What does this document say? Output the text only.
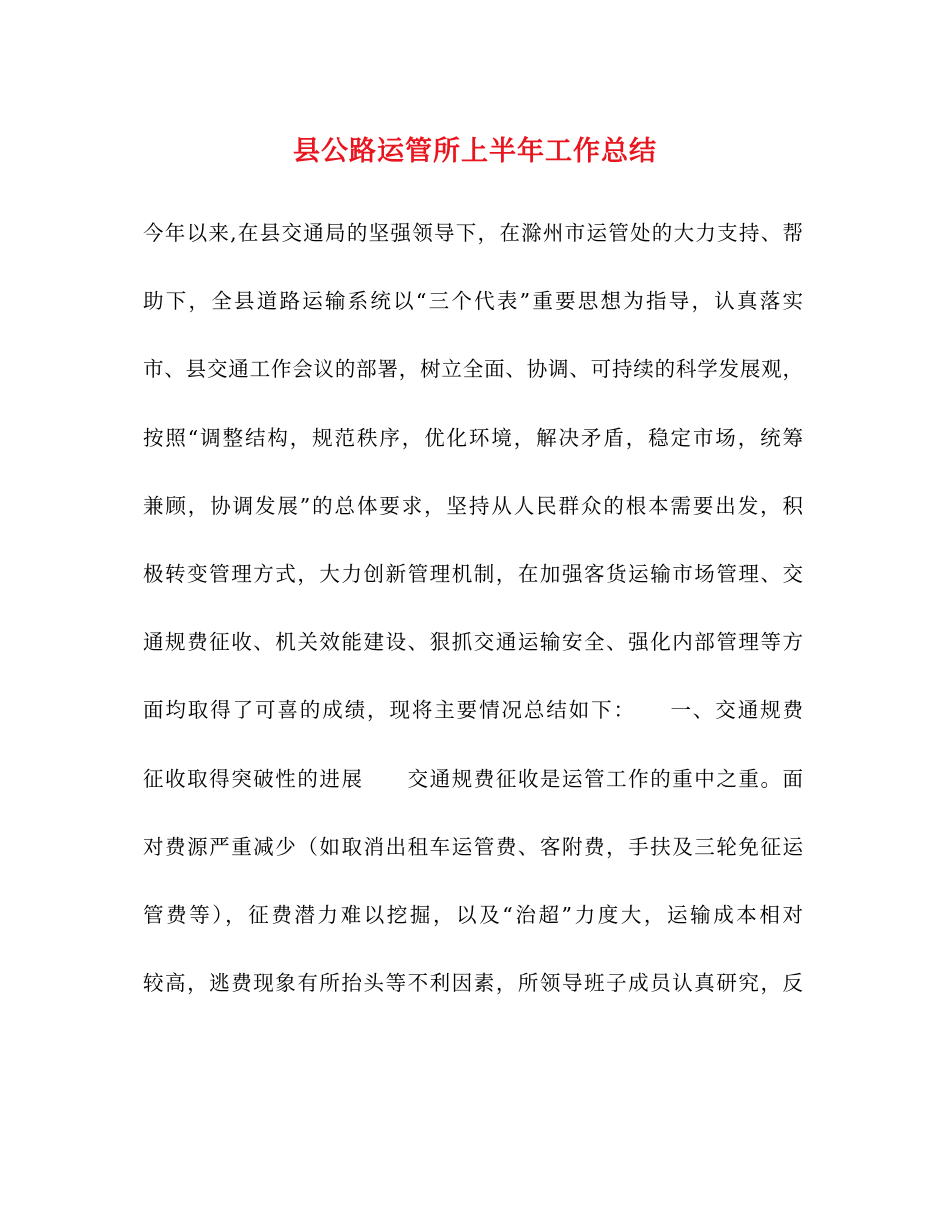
县公路运管所上半年工作总结
今年以来,在县交通局的坚强领导下，在滁州市运管处的大力支持、帮
助下，全县道路运输系统以“三个代表”重要思想为指导，认真落实
市、县交通工作会议的部署，树立全面、协调、可持续的科学发展观，
按照“调整结构，规范秩序，优化环境，解决矛盾，稳定市场，统筹
兼顾，协调发展”的总体要求，坚持从人民群众的根本需要出发，积
极转变管理方式，大力创新管理机制，在加强客货运输市场管理、交
通规费征收、机关效能建设、狠抓交通运输安全、强化内部管理等方
面均取得了可喜的成绩，现将主要情况总结如下：　　一、交通规费
征收取得突破性的进展　　交通规费征收是运管工作的重中之重。面
对费源严重减少（如取消出租车运管费、客附费，手扶及三轮免征运
管费等），征费潜力难以挖掘，以及“治超”力度大，运输成本相对
较高，逃费现象有所抬头等不利因素，所领导班子成员认真研究，反
